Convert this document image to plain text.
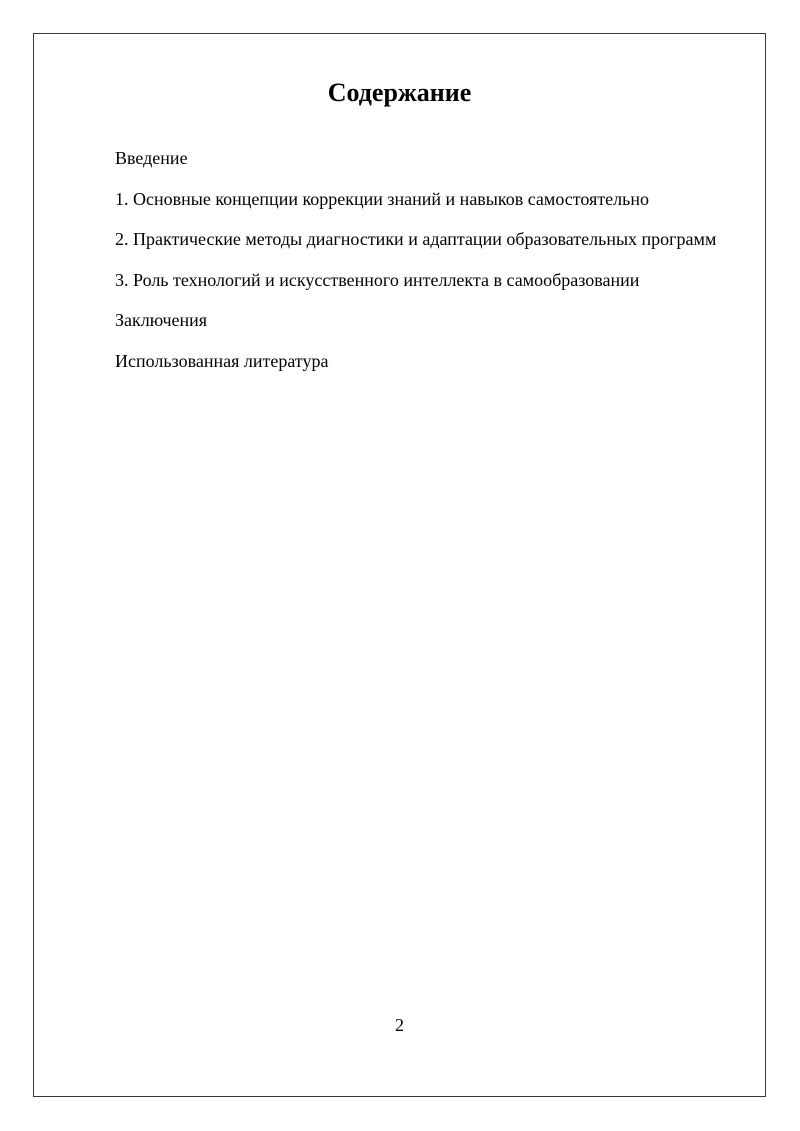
Содержание
Введение
1. Основные концепции коррекции знаний и навыков самостоятельно
2. Практические методы диагностики и адаптации образовательных программ
3. Роль технологий и искусственного интеллекта в самообразовании
Заключения
Использованная литература
2
